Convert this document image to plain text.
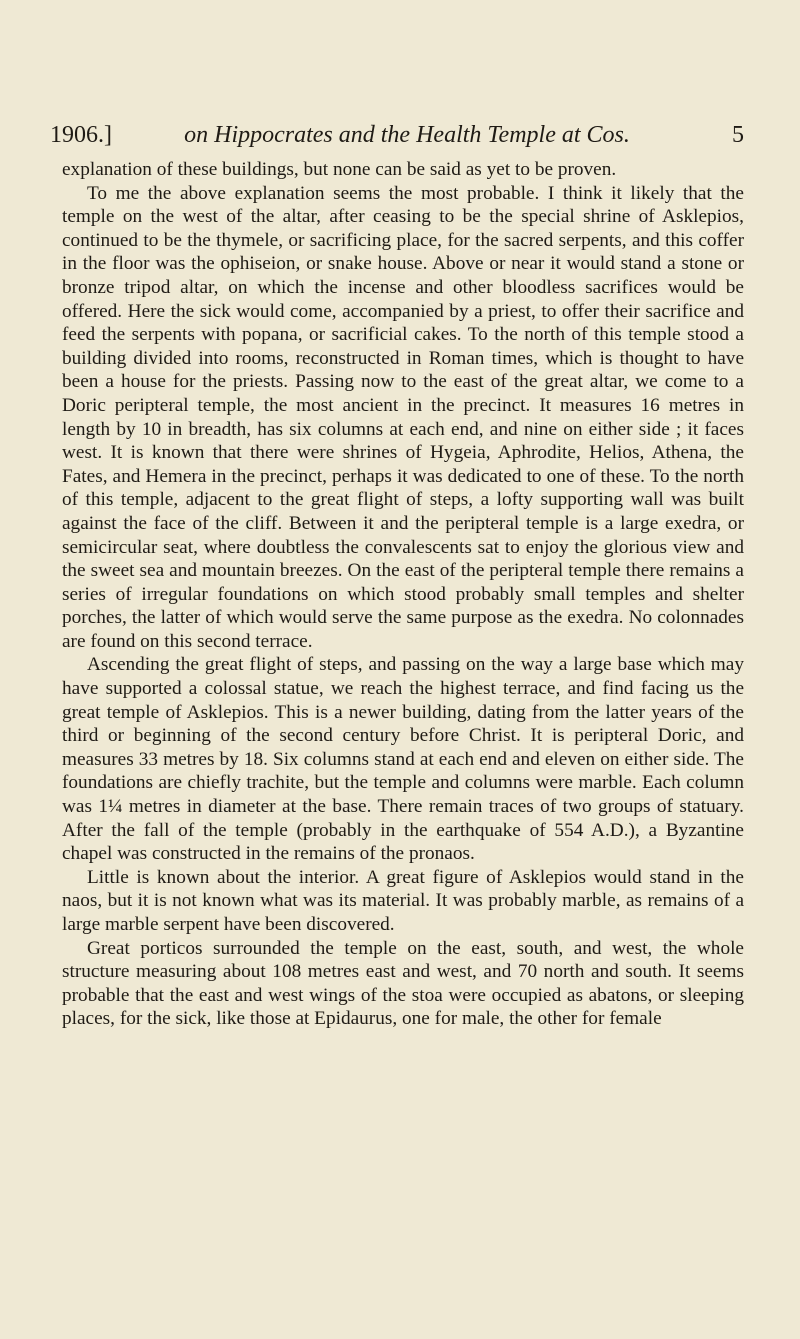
1906.]	on Hippocrates and the Health Temple at Cos.	5

explanation of these buildings, but none can be said as yet to be proven.

To me the above explanation seems the most probable. I think it likely that the temple on the west of the altar, after ceasing to be the special shrine of Asklepios, continued to be the thymele, or sacrificing place, for the sacred serpents, and this coffer in the floor was the ophiseion, or snake house. Above or near it would stand a stone or bronze tripod altar, on which the incense and other bloodless sacrifices would be offered. Here the sick would come, accompanied by a priest, to offer their sacrifice and feed the serpents with popana, or sacrificial cakes. To the north of this temple stood a building divided into rooms, reconstructed in Roman times, which is thought to have been a house for the priests. Passing now to the east of the great altar, we come to a Doric peripteral temple, the most ancient in the precinct. It measures 16 metres in length by 10 in breadth, has six columns at each end, and nine on either side ; it faces west. It is known that there were shrines of Hygeia, Aphrodite, Helios, Athena, the Fates, and Hemera in the precinct, perhaps it was dedicated to one of these. To the north of this temple, adjacent to the great flight of steps, a lofty supporting wall was built against the face of the cliff. Between it and the peripteral temple is a large exedra, or semicircular seat, where doubtless the convalescents sat to enjoy the glorious view and the sweet sea and mountain breezes. On the east of the peripteral temple there remains a series of irregular foundations on which stood probably small temples and shelter porches, the latter of which would serve the same purpose as the exedra. No colonnades are found on this second terrace.

Ascending the great flight of steps, and passing on the way a large base which may have supported a colossal statue, we reach the highest terrace, and find facing us the great temple of Asklepios. This is a newer building, dating from the latter years of the third or beginning of the second century before Christ. It is peripteral Doric, and measures 33 metres by 18. Six columns stand at each end and eleven on either side. The foundations are chiefly trachite, but the temple and columns were marble. Each column was 1¼ metres in diameter at the base. There remain traces of two groups of statuary. After the fall of the temple (probably in the earthquake of 554 A.D.), a Byzantine chapel was constructed in the remains of the pronaos.

Little is known about the interior. A great figure of Asklepios would stand in the naos, but it is not known what was its material. It was probably marble, as remains of a large marble serpent have been discovered.

Great porticos surrounded the temple on the east, south, and west, the whole structure measuring about 108 metres east and west, and 70 north and south. It seems probable that the east and west wings of the stoa were occupied as abatons, or sleeping places, for the sick, like those at Epidaurus, one for male, the other for female
